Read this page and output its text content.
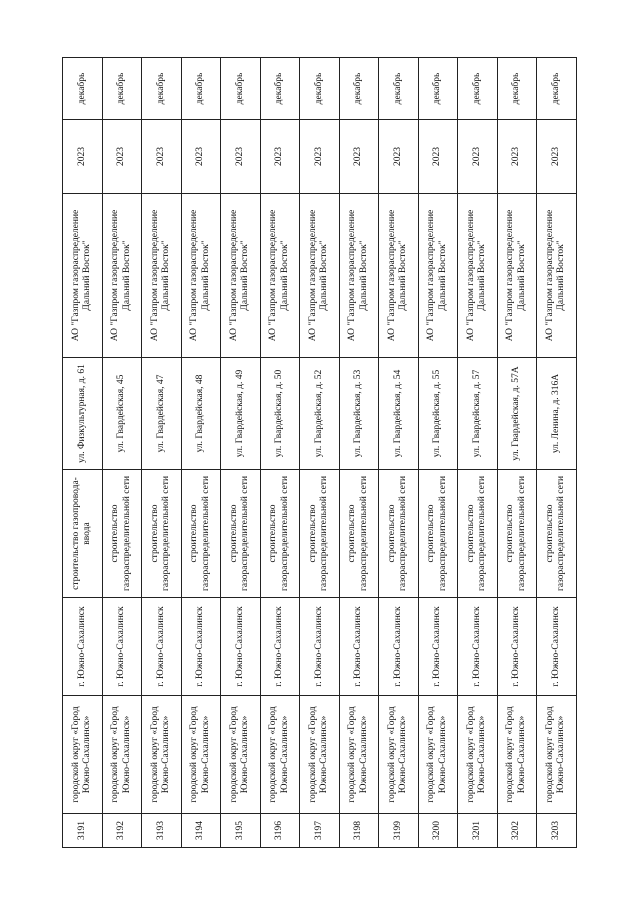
3191	городской округ «Город Южно-Сахалинск»	г. Южно-Сахалинск	строительство газопровода-ввода	ул. Физкультурная, д. 61	АО "Газпром газораспределение Дальний Восток"	2023	декабрь
3192	городской округ «Город Южно-Сахалинск»	г. Южно-Сахалинск	строительство газораспределительной сети	ул. Гвардейская, 45	АО "Газпром газораспределение Дальний Восток"	2023	декабрь
3193	городской округ «Город Южно-Сахалинск»	г. Южно-Сахалинск	строительство газораспределительной сети	ул. Гвардейская, 47	АО "Газпром газораспределение Дальний Восток"	2023	декабрь
3194	городской округ «Город Южно-Сахалинск»	г. Южно-Сахалинск	строительство газораспределительной сети	ул. Гвардейская, 48	АО "Газпром газораспределение Дальний Восток"	2023	декабрь
3195	городской округ «Город Южно-Сахалинск»	г. Южно-Сахалинск	строительство газораспределительной сети	ул. Гвардейская, д. 49	АО "Газпром газораспределение Дальний Восток"	2023	декабрь
3196	городской округ «Город Южно-Сахалинск»	г. Южно-Сахалинск	строительство газораспределительной сети	ул. Гвардейская, д. 50	АО "Газпром газораспределение Дальний Восток"	2023	декабрь
3197	городской округ «Город Южно-Сахалинск»	г. Южно-Сахалинск	строительство газораспределительной сети	ул. Гвардейская, д. 52	АО "Газпром газораспределение Дальний Восток"	2023	декабрь
3198	городской округ «Город Южно-Сахалинск»	г. Южно-Сахалинск	строительство газораспределительной сети	ул. Гвардейская, д. 53	АО "Газпром газораспределение Дальний Восток"	2023	декабрь
3199	городской округ «Город Южно-Сахалинск»	г. Южно-Сахалинск	строительство газораспределительной сети	ул. Гвардейская, д. 54	АО "Газпром газораспределение Дальний Восток"	2023	декабрь
3200	городской округ «Город Южно-Сахалинск»	г. Южно-Сахалинск	строительство газораспределительной сети	ул. Гвардейская, д. 55	АО "Газпром газораспределение Дальний Восток"	2023	декабрь
3201	городской округ «Город Южно-Сахалинск»	г. Южно-Сахалинск	строительство газораспределительной сети	ул. Гвардейская, д. 57	АО "Газпром газораспределение Дальний Восток"	2023	декабрь
3202	городской округ «Город Южно-Сахалинск»	г. Южно-Сахалинск	строительство газораспределительной сети	ул. Гвардейская, д. 57А	АО "Газпром газораспределение Дальний Восток"	2023	декабрь
3203	городской округ «Город Южно-Сахалинск»	г. Южно-Сахалинск	строительство газораспределительной сети	ул. Ленина, д. 316А	АО "Газпром газораспределение Дальний Восток"	2023	декабрь
